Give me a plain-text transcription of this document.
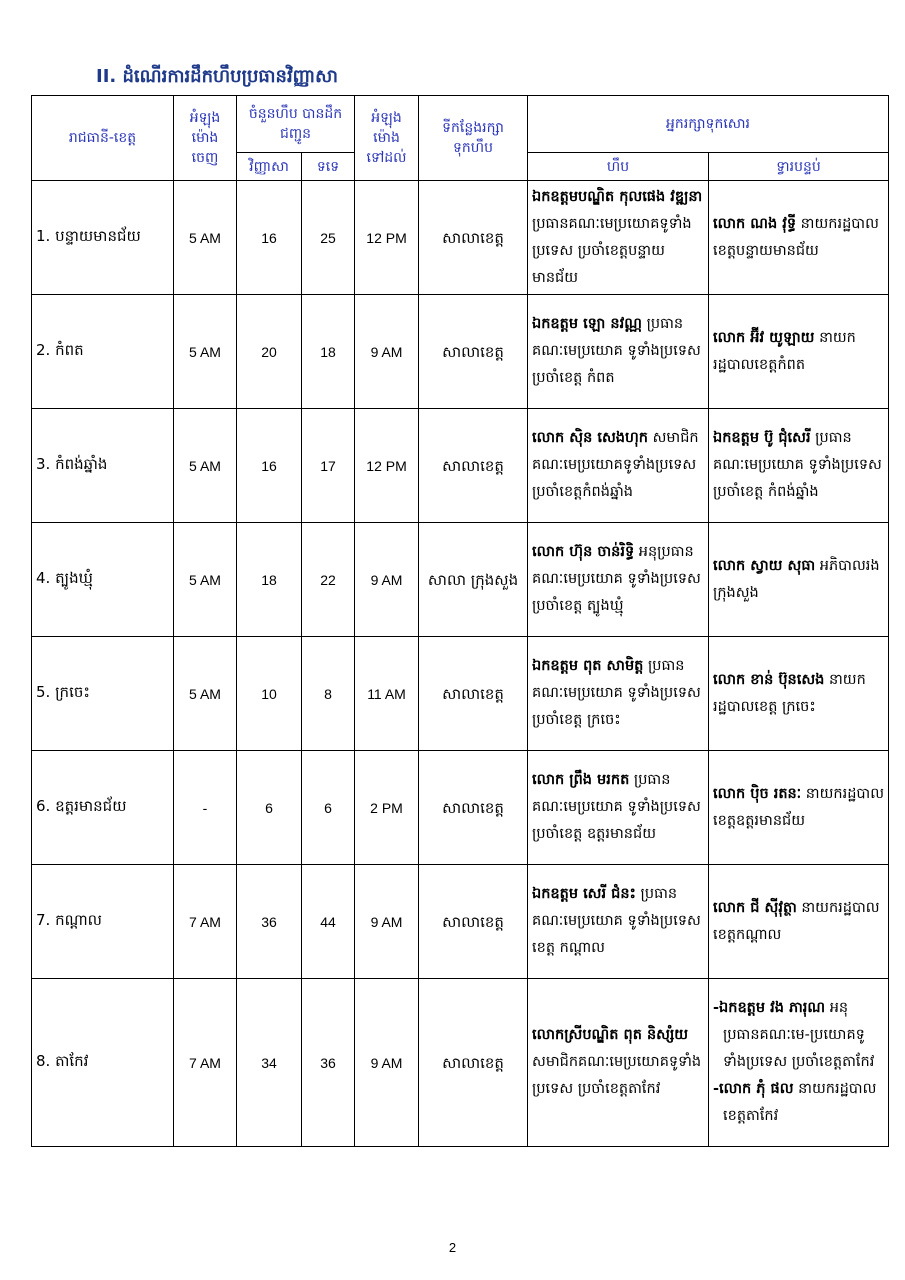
II. ដំណើរការដឹកហឹបប្រធានវិញ្ញាសា
រាជធានី-ខេត្ត	អំឡុង ម៉ោង ចេញ	ចំនួនហឹប បានដឹកជញ្ជូន		អំឡុង ម៉ោង ទៅដល់	ទីកន្លែងរក្សា ទុកហឹប	អ្នករក្សាទុកសោរ	
		វិញ្ញាសា	ទទេ			ហឹប	ទ្វារបន្ទប់
1. បន្ទាយមានជ័យ	5 AM	16	25	12 PM	សាលាខេត្ត	ឯកឧត្តមបណ្ឌិត កុលផេង វឌ្ឍនា ប្រធានគណៈមេប្រយោគទូទាំងប្រទេស ប្រចាំខេត្តបន្ទាយមានជ័យ	លោក ណង វុទ្ធី នាយករដ្ឋបាលខេត្តបន្ទាយមានជ័យ
2. កំពត	5 AM	20	18	9 AM	សាលាខេត្ត	ឯកឧត្តម ឡោ នវណ្ណ ប្រធានគណៈមេប្រយោគ ទូទាំងប្រទេសប្រចាំខេត្ត កំពត	លោក អ៊ីវ យូឡាយ នាយករដ្ឋបាលខេត្តកំពត
3. កំពង់ឆ្នាំង	5 AM	16	17	12 PM	សាលាខេត្ត	លោក ស៊ិន សេងហុក សមាជិកគណៈមេប្រយោគទូទាំងប្រទេស ប្រចាំខេត្តកំពង់ឆ្នាំង	ឯកឧត្តម ប៊ូ ជុំសេរី ប្រធានគណៈមេប្រយោគ ទូទាំងប្រទេសប្រចាំខេត្ត កំពង់ឆ្នាំង
4. ត្បូងឃ្មុំ	5 AM	18	22	9 AM	សាលា ក្រុងសួង	លោក ហ៊ុន ចាន់រិទ្ធិ អនុប្រធានគណៈមេប្រយោគ ទូទាំងប្រទេសប្រចាំខេត្ត ត្បូងឃ្មុំ	លោក ស្វាយ សុធា អភិបាលរងក្រុងសួង
5. ក្រចេះ	5 AM	10	8	11 AM	សាលាខេត្ត	ឯកឧត្តម ពុត សាមិត្ត ប្រធានគណៈមេប្រយោគ ទូទាំងប្រទេសប្រចាំខេត្ត ក្រចេះ	លោក ខាន់ ប៊ុនសេង នាយករដ្ឋបាលខេត្ត ក្រចេះ
6. ឧត្តរមានជ័យ	-	6	6	2 PM	សាលាខេត្ត	លោក ព្រឹង មរកត ប្រធានគណៈមេប្រយោគ ទូទាំងប្រទេសប្រចាំខេត្ត ឧត្តរមានជ័យ	លោក ប៉ិច រតនៈ នាយករដ្ឋបាលខេត្តឧត្តរមានជ័យ
7. កណ្តាល	7 AM	36	44	9 AM	សាលាខេត្ត	ឯកឧត្តម សេរី ជំនះ ប្រធានគណៈមេប្រយោគ ទូទាំងប្រទេសខេត្ត កណ្តាល	លោក ជី ស៊ីវុត្ថា នាយករដ្ឋបាលខេត្តកណ្តាល
8. តាកែវ	7 AM	34	36	9 AM	សាលាខេត្ត	លោកស្រីបណ្ឌិត ពុត និស្សំយ សមាជិកគណៈមេប្រយោគទូទាំងប្រទេស ប្រចាំខេត្តតាកែវ	-ឯកឧត្តម វង ភារុណ អនុប្រធានគណៈមេ-ប្រយោគទូទាំងប្រទេស ប្រចាំខេត្តតាកែវ
-លោក ភុំ ផល នាយករដ្ឋបាលខេត្តតាកែវ
2
